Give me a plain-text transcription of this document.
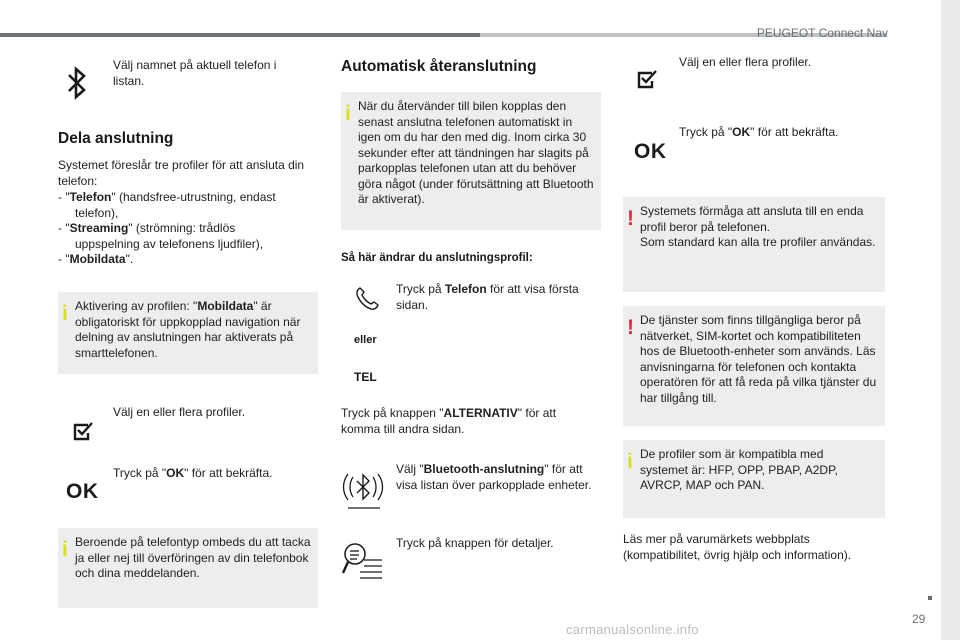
PEUGEOT Connect Nav
29
carmanualsonline.info
Välj namnet på aktuell telefon i listan.
Dela anslutning
Systemet föreslår tre profiler för att ansluta din telefon:
- "Telefon" (handsfree-utrustning, endast
telefon),
- "Streaming" (strömning: trådlös
uppspelning av telefonens ljudfiler),
- "Mobildata".
i Aktivering av profilen: "Mobildata" är obligatoriskt för uppkopplad navigation när delning av anslutningen har aktiverats på smarttelefonen.
Välj en eller flera profiler.
OK
Tryck på "OK" för att bekräfta.
i Beroende på telefontyp ombeds du att tacka ja eller nej till överföringen av din telefonbok och dina meddelanden.
Automatisk återanslutning
i När du återvänder till bilen kopplas den senast anslutna telefonen automatiskt in igen om du har den med dig. Inom cirka 30 sekunder efter att tändningen har slagits på parkopplas telefonen utan att du behöver göra något (under förutsättning att Bluetooth är aktiverat).
Så här ändrar du anslutningsprofil:
eller
TEL
Tryck på Telefon för att visa första sidan.
Tryck på knappen "ALTERNATIV" för att komma till andra sidan.
Välj "Bluetooth-anslutning" för att visa listan över parkopplade enheter.
Tryck på knappen för detaljer.
Välj en eller flera profiler.
OK
Tryck på "OK" för att bekräfta.
! Systemets förmåga att ansluta till en enda profil beror på telefonen.
Som standard kan alla tre profiler användas.
! De tjänster som finns tillgängliga beror på nätverket, SIM-kortet och kompatibiliteten hos de Bluetooth-enheter som används. Läs anvisningarna för telefonen och kontakta operatören för att få reda på vilka tjänster du har tillgång till.
i De profiler som är kompatibla med systemet är: HFP, OPP, PBAP, A2DP, AVRCP, MAP och PAN.
Läs mer på varumärkets webbplats (kompatibilitet, övrig hjälp och information).
